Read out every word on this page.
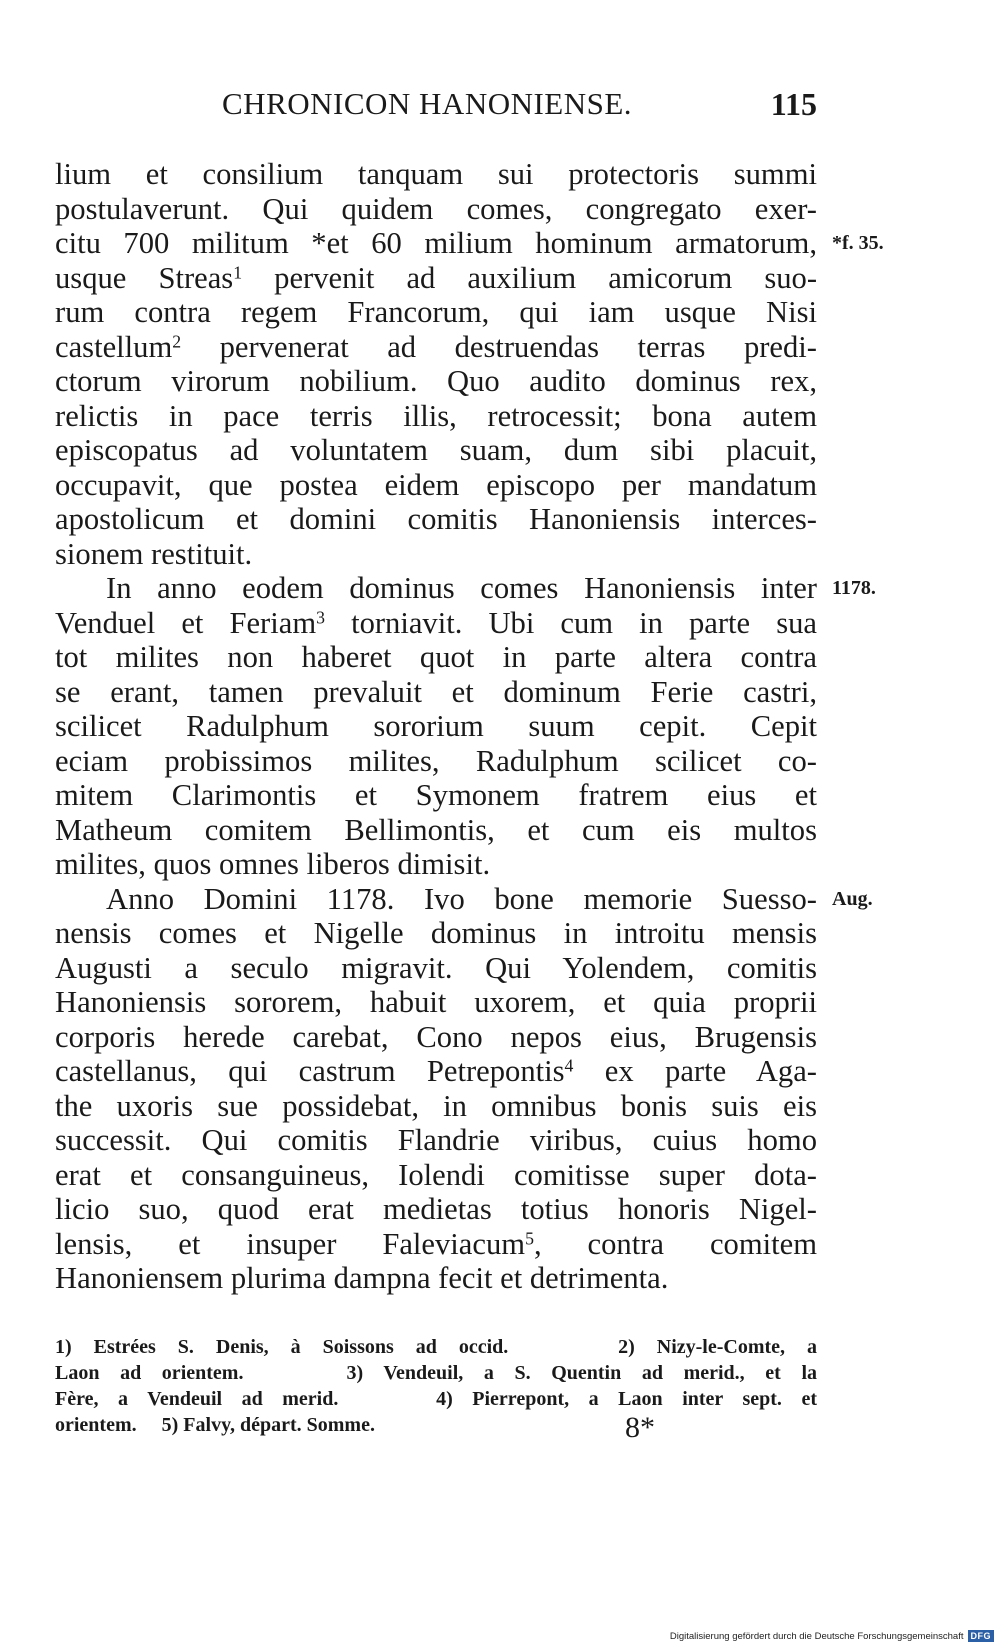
CHRONICON HANONIENSE.	115
lium et consilium tanquam sui protectoris summi
postulaverunt. Qui quidem comes, congregato exer-
citu 700 militum *et 60 milium hominum armatorum, *f. 35.
usque Streas$^1$ pervenit ad auxilium amicorum suo-
rum contra regem Francorum, qui iam usque Nisi
castellum$^2$ pervenerat ad destruendas terras predi-
ctorum virorum nobilium. Quo audito dominus rex,
relictis in pace terris illis, retrocessit; bona autem
episcopatus ad voluntatem suam, dum sibi placuit,
occupavit, que postea eidem episcopo per mandatum
apostolicum et domini comitis Hanoniensis interces-
sionem restituit.
In anno eodem dominus comes Hanoniensis inter 1178.
Venduel et Feriam$^3$ torniavit. Ubi cum in parte sua
tot milites non haberet quot in parte altera contra
se erant, tamen prevaluit et dominum Ferie castri,
scilicet Radulphum sororium suum cepit. Cepit
eciam probissimos milites, Radulphum scilicet co-
mitem Clarimontis et Symonem fratrem eius et
Matheum comitem Bellimontis, et cum eis multos
milites, quos omnes liberos dimisit.
Anno Domini 1178. Ivo bone memorie Suesso- Aug.
nensis comes et Nigelle dominus in introitu mensis
Augusti a seculo migravit. Qui Yolendem, comitis
Hanoniensis sororem, habuit uxorem, et quia proprii
corporis herede carebat, Cono nepos eius, Brugensis
castellanus, qui castrum Petrepontis$^4$ ex parte Aga-
the uxoris sue possidebat, in omnibus bonis suis eis
successit. Qui comitis Flandrie viribus, cuius homo
erat et consanguineus, Iolendi comitisse super dota-
licio suo, quod erat medietas totius honoris Nigel-
lensis, et insuper Faleviacum$^5$, contra comitem
Hanoniensem plurima dampna fecit et detrimenta.
1) Estrées S. Denis, à Soissons ad occid.     2) Nizy-le-Comte, a
Laon ad orientem.     3) Vendeuil, a S. Quentin ad merid., et la
Fère, a Vendeuil ad merid.     4) Pierrepont, a Laon inter sept. et
orientem.     5) Falvy, départ. Somme.	8*
Digitalisierung gefördert durch die Deutsche Forschungsgemeinschaft DFG
